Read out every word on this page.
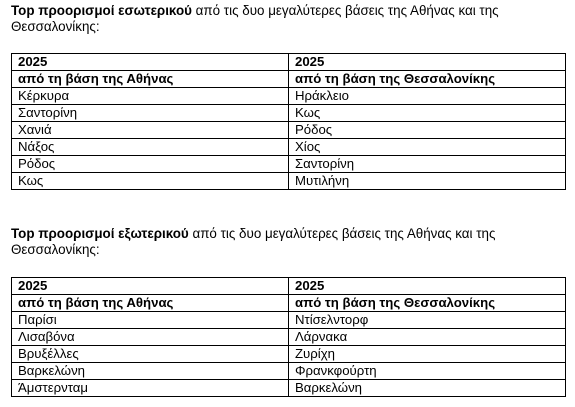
Top προορισμοί εσωτερικού από τις δυο μεγαλύτερες βάσεις της Αθήνας και της Θεσσαλονίκης:

2025	2025
από τη βάση της Αθήνας	από τη βάση της Θεσσαλονίκης
Κέρκυρα	Ηράκλειο
Σαντορίνη	Κως
Χανιά	Ρόδος
Νάξος	Χίος
Ρόδος	Σαντορίνη
Κως	Μυτιλήνη

Top προορισμοί εξωτερικού από τις δυο μεγαλύτερες βάσεις της Αθήνας και της Θεσσαλονίκης:

2025	2025
από τη βάση της Αθήνας	από τη βάση της Θεσσαλονίκης
Παρίσι	Ντίσελντορφ
Λισαβόνα	Λάρνακα
Βρυξέλλες	Ζυρίχη
Βαρκελώνη	Φρανκφούρτη
Άμστερνταμ	Βαρκελώνη
